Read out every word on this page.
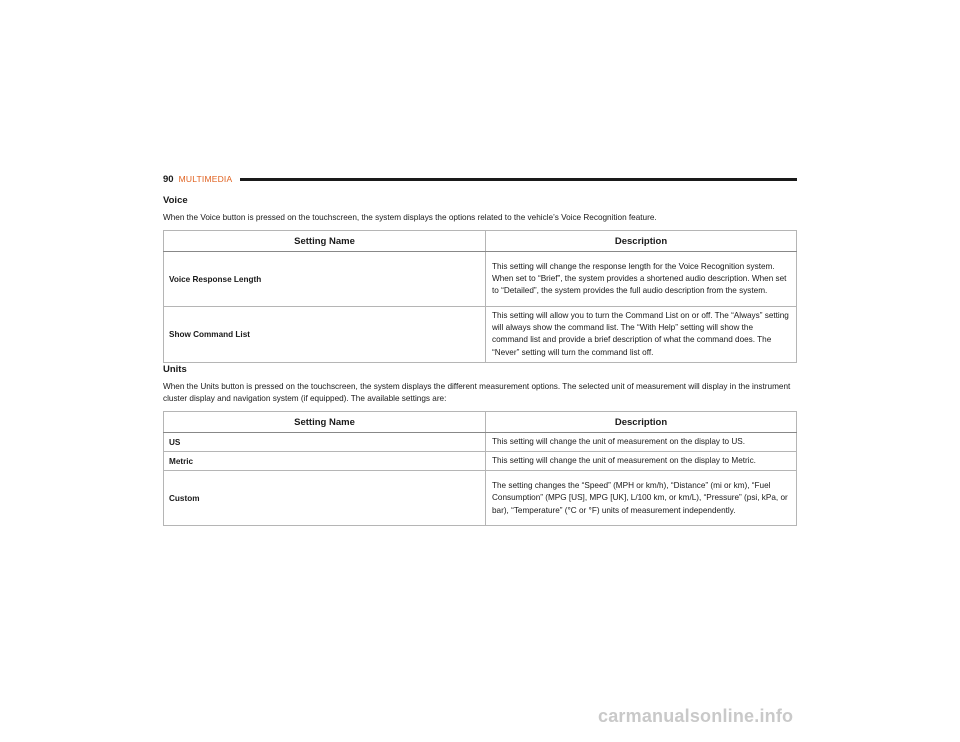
90 MULTIMEDIA
Voice
When the Voice button is pressed on the touchscreen, the system displays the options related to the vehicle’s Voice Recognition feature.
Setting Name	Description
Voice Response Length	This setting will change the response length for the Voice Recognition system. When set to “Brief”, the system provides a shortened audio description. When set to “Detailed”, the system provides the full audio description from the system.
Show Command List	This setting will allow you to turn the Command List on or off. The “Always” setting will always show the command list. The “With Help” setting will show the command list and provide a brief description of what the command does. The “Never” setting will turn the command list off.
Units
When the Units button is pressed on the touchscreen, the system displays the different measurement options. The selected unit of measurement will display in the instrument cluster display and navigation system (if equipped). The available settings are:
Setting Name	Description
US	This setting will change the unit of measurement on the display to US.
Metric	This setting will change the unit of measurement on the display to Metric.
Custom	The setting changes the “Speed” (MPH or km/h), “Distance” (mi or km), “Fuel Consumption” (MPG [US], MPG [UK], L/100 km, or km/L), “Pressure” (psi, kPa, or bar), “Temperature” (°C or °F) units of measurement independently.
carmanualsonline.info
